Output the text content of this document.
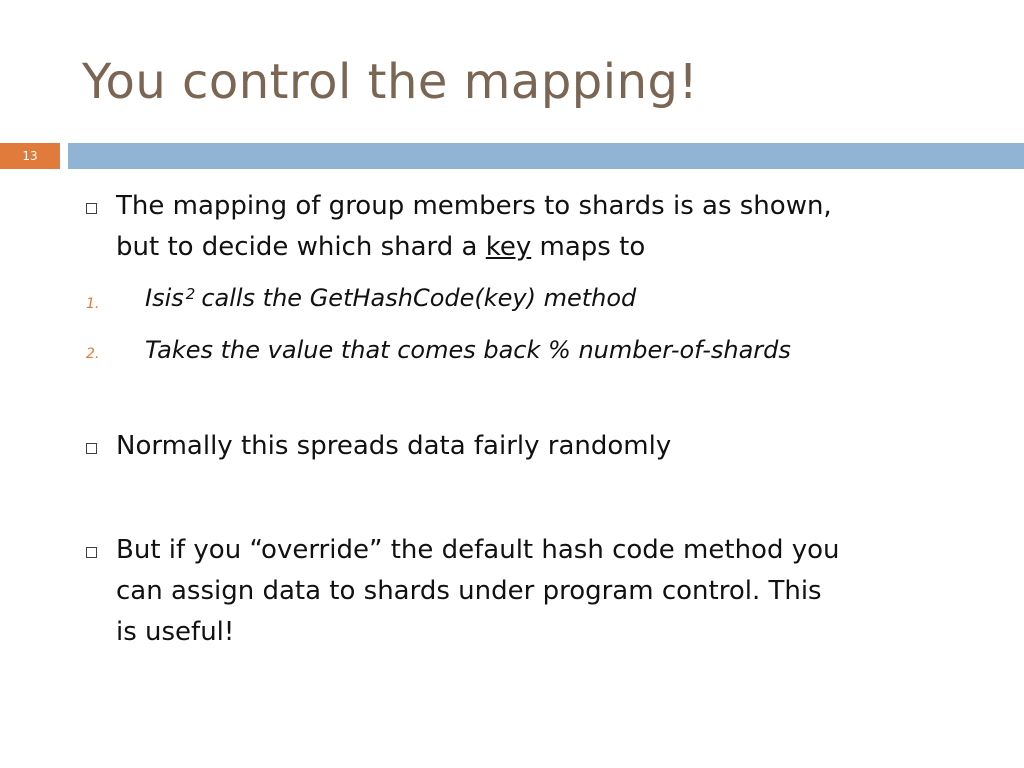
You control the mapping!
13
The mapping of group members to shards is as shown,
but to decide which shard a key maps to
1. Isis $^2$ calls the GetHashCode(key) method
2. Takes the value that comes back % number-of-shards
Normally this spreads data fairly randomly
But if you “override” the default hash code method you
can assign data to shards under program control. This
is useful!
